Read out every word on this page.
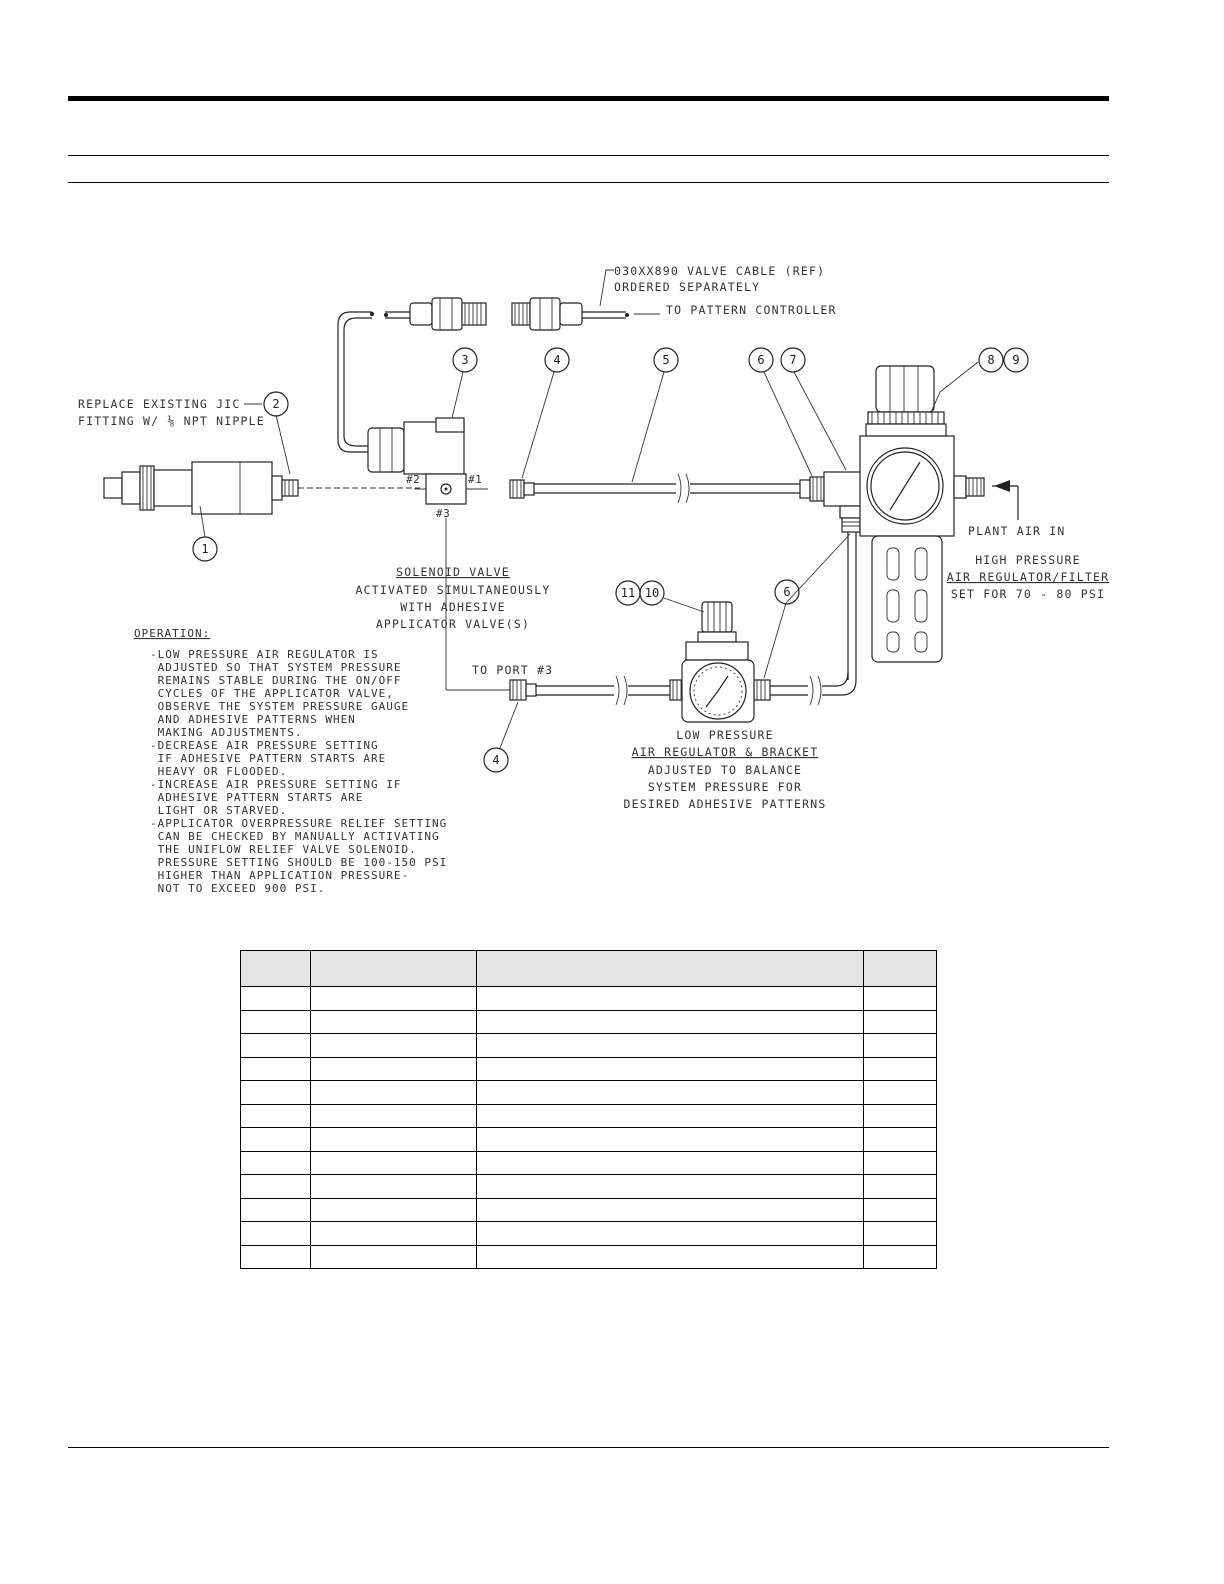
1
2
3	4
4
5	6
6
7	8 9
11 10
030XX890 VALVE CABLE (REF)
ORDERED SEPARATELY
TO PATTERN CONTROLLER
REPLACE EXISTING JIC
FITTING W/ ⅛ NPT NIPPLE
#2	#1
#3
SOLENOID VALVE
ACTIVATED SIMULTANEOUSLY
WITH ADHESIVE
APPLICATOR VALVE(S)
PLANT AIR IN
HIGH PRESSURE
AIR REGULATOR/FILTER
SET FOR 70 - 80 PSI
TO PORT #3
LOW PRESSURE
AIR REGULATOR & BRACKET
ADJUSTED TO BALANCE
SYSTEM PRESSURE FOR
DESIRED ADHESIVE PATTERNS
OPERATION:
-LOW PRESSURE AIR REGULATOR IS
ADJUSTED SO THAT SYSTEM PRESSURE
REMAINS STABLE DURING THE ON/OFF
CYCLES OF THE APPLICATOR VALVE,
OBSERVE THE SYSTEM PRESSURE GAUGE
AND ADHESIVE PATTERNS WHEN
MAKING ADJUSTMENTS.
-DECREASE AIR PRESSURE SETTING
IF ADHESIVE PATTERN STARTS ARE
HEAVY OR FLOODED.
-INCREASE AIR PRESSURE SETTING IF
ADHESIVE PATTERN STARTS ARE
LIGHT OR STARVED.
-APPLICATOR OVERPRESSURE RELIEF SETTING
CAN BE CHECKED BY MANUALLY ACTIVATING
THE UNIFLOW RELIEF VALVE SOLENOID.
PRESSURE SETTING SHOULD BE 100-150 PSI
HIGHER THAN APPLICATION PRESSURE-
NOT TO EXCEED 900 PSI.
